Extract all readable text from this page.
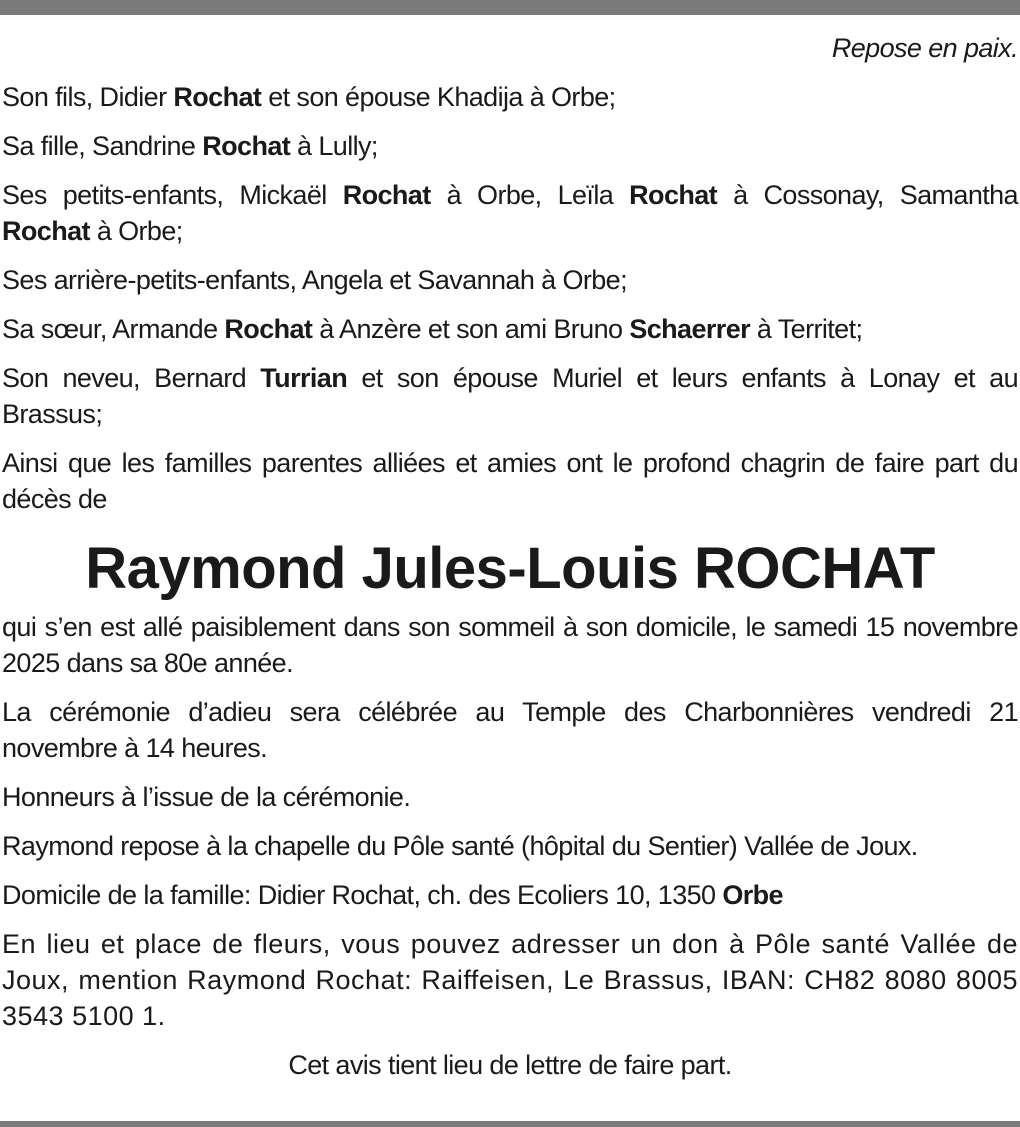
Repose en paix.

Son fils, Didier Rochat et son épouse Khadija à Orbe;

Sa fille, Sandrine Rochat à Lully;

Ses petits-enfants, Mickaël Rochat à Orbe, Leïla Rochat à Cossonay, Samantha Rochat à Orbe;

Ses arrière-petits-enfants, Angela et Savannah à Orbe;

Sa sœur, Armande Rochat à Anzère et son ami Bruno Schaerrer à Territet;

Son neveu, Bernard Turrian et son épouse Muriel et leurs enfants à Lonay et au Brassus;

Ainsi que les familles parentes alliées et amies ont le profond chagrin de faire part du décès de

Raymond Jules-Louis ROCHAT

qui s’en est allé paisiblement dans son sommeil à son domicile, le samedi 15 novembre 2025 dans sa 80e année.

La cérémonie d’adieu sera célébrée au Temple des Charbonnières vendredi 21 novembre à 14 heures.

Honneurs à l’issue de la cérémonie.

Raymond repose à la chapelle du Pôle santé (hôpital du Sentier) Vallée de Joux.

Domicile de la famille: Didier Rochat, ch. des Ecoliers 10, 1350 Orbe

En lieu et place de fleurs, vous pouvez adresser un don à Pôle santé Vallée de Joux, mention Raymond Rochat: Raiffeisen, Le Brassus, IBAN: CH82 8080 8005 3543 5100 1.

Cet avis tient lieu de lettre de faire part.
